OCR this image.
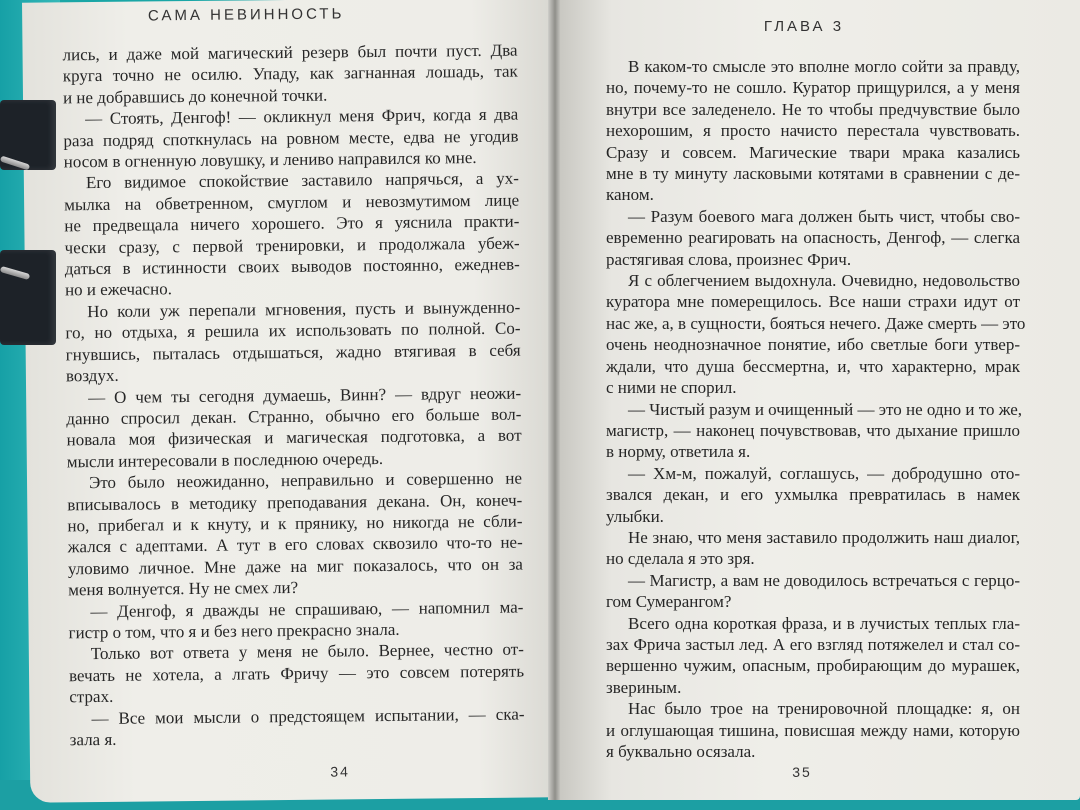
САМА НЕВИННОСТЬ
лись, и даже мой магический резерв был почти пуст. Два
круга точно не осилю. Упаду, как загнанная лошадь, так
и не добравшись до конечной точки.
— Стоять, Денгоф! — окликнул меня Фрич, когда я два
раза подряд споткнулась на ровном месте, едва не угодив
носом в огненную ловушку, и лениво направился ко мне.
Его видимое спокойствие заставило напрячься, а ух-
мылка на обветренном, смуглом и невозмутимом лице
не предвещала ничего хорошего. Это я уяснила практи-
чески сразу, с первой тренировки, и продолжала убеж-
даться в истинности своих выводов постоянно, ежеднев-
но и ежечасно.
Но коли уж перепали мгновения, пусть и вынужденно-
го, но отдыха, я решила их использовать по полной. Со-
гнувшись, пыталась отдышаться, жадно втягивая в себя
воздух.
— О чем ты сегодня думаешь, Винн? — вдруг неожи-
данно спросил декан. Странно, обычно его больше вол-
новала моя физическая и магическая подготовка, а вот
мысли интересовали в последнюю очередь.
Это было неожиданно, неправильно и совершенно не
вписывалось в методику преподавания декана. Он, конеч-
но, прибегал и к кнуту, и к прянику, но никогда не сбли-
жался с адептами. А тут в его словах сквозило что-то не-
уловимо личное. Мне даже на миг показалось, что он за
меня волнуется. Ну не смех ли?
— Денгоф, я дважды не спрашиваю, — напомнил ма-
гистр о том, что я и без него прекрасно знала.
Только вот ответа у меня не было. Вернее, честно от-
вечать не хотела, а лгать Фричу — это совсем потерять
страх.
— Все мои мысли о предстоящем испытании, — ска-
зала я.
34
ГЛАВА 3
В каком-то смысле это вполне могло сойти за правду,
но, почему-то не сошло. Куратор прищурился, а у меня
внутри все заледенело. Не то чтобы предчувствие было
нехорошим, я просто начисто перестала чувствовать.
Сразу и совсем. Магические твари мрака казались
мне в ту минуту ласковыми котятами в сравнении с де-
каном.
— Разум боевого мага должен быть чист, чтобы сво-
евременно реагировать на опасность, Денгоф, — слегка
растягивая слова, произнес Фрич.
Я с облегчением выдохнула. Очевидно, недовольство
куратора мне померещилось. Все наши страхи идут от
нас же, а, в сущности, бояться нечего. Даже смерть — это
очень неоднозначное понятие, ибо светлые боги утвер-
ждали, что душа бессмертна, и, что характерно, мрак
с ними не спорил.
— Чистый разум и очищенный — это не одно и то же,
магистр, — наконец почувствовав, что дыхание пришло
в норму, ответила я.
— Хм-м, пожалуй, соглашусь, — добродушно ото-
звался декан, и его ухмылка превратилась в намек
улыбки.
Не знаю, что меня заставило продолжить наш диалог,
но сделала я это зря.
— Магистр, а вам не доводилось встречаться с герцо-
гом Сумерангом?
Всего одна короткая фраза, и в лучистых теплых гла-
зах Фрича застыл лед. А его взгляд потяжелел и стал со-
вершенно чужим, опасным, пробирающим до мурашек,
звериным.
Нас было трое на тренировочной площадке: я, он
и оглушающая тишина, повисшая между нами, которую
я буквально осязала.
35
